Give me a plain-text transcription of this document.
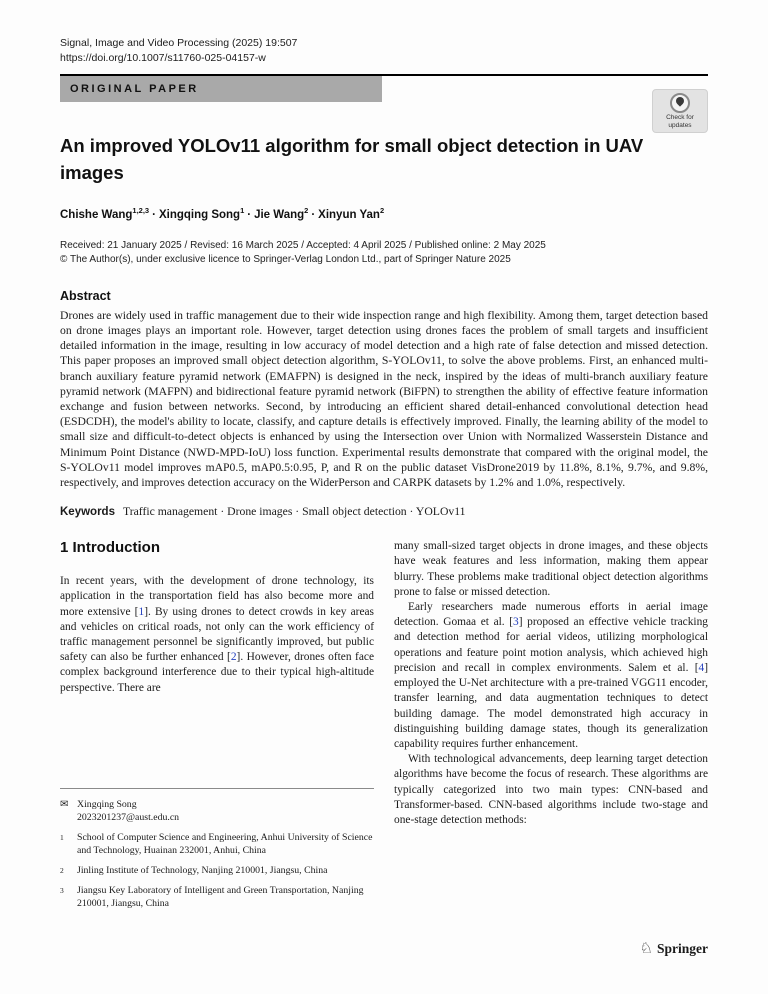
Signal, Image and Video Processing (2025) 19:507
https://doi.org/10.1007/s11760-025-04157-w
ORIGINAL PAPER
Check for
updates
An improved YOLOv11 algorithm for small object detection in UAV images
Chishe Wang$^{1,2,3}$ · Xingqing Song$^1$ · Jie Wang$^2$ · Xinyun Yan$^2$
Received: 21 January 2025 / Revised: 16 March 2025 / Accepted: 4 April 2025 / Published online: 2 May 2025
© The Author(s), under exclusive licence to Springer-Verlag London Ltd., part of Springer Nature 2025
Abstract
Drones are widely used in traffic management due to their wide inspection range and high flexibility. Among them, target detection based on drone images plays an important role. However, target detection using drones faces the problem of small targets and insufficient detailed information in the image, resulting in low accuracy of model detection and a high rate of false detection and missed detection. This paper proposes an improved small object detection algorithm, S-YOLOv11, to solve the above problems. First, an enhanced multi-branch auxiliary feature pyramid network (EMAFPN) is designed in the neck, inspired by the ideas of multi-branch auxiliary feature pyramid network (MAFPN) and bidirectional feature pyramid network (BiFPN) to strengthen the ability of effective feature information exchange and fusion between networks. Second, by introducing an efficient shared detail-enhanced convolutional detection head (ESDCDH), the model's ability to locate, classify, and capture details is effectively improved. Finally, the learning ability of the model to small size and difficult-to-detect objects is enhanced by using the Intersection over Union with Normalized Wasserstein Distance and Minimum Point Distance (NWD-MPD-IoU) loss function. Experimental results demonstrate that compared with the original model, the S-YOLOv11 model improves mAP0.5, mAP0.5:0.95, P, and R on the public dataset VisDrone2019 by 11.8%, 8.1%, 9.7%, and 9.8%, respectively, and improves detection accuracy on the WiderPerson and CARPK datasets by 1.2% and 1.0%, respectively.
Keywords Traffic management · Drone images · Small object detection · YOLOv11
1 Introduction

In recent years, with the development of drone technology, its application in the transportation field has also become more and more extensive [1]. By using drones to detect crowds in key areas and vehicles on critical roads, not only can the work efficiency of traffic management personnel be significantly improved, but public safety can also be further enhanced [2]. However, drones often face complex background interference due to their typical high-altitude perspective. There are

✉ Xingqing Song
2023201237@aust.edu.cn
1	School of Computer Science and Engineering, Anhui University of Science and Technology, Huainan 232001, Anhui, China
2	Jinling Institute of Technology, Nanjing 210001, Jiangsu, China
3	Jiangsu Key Laboratory of Intelligent and Green Transportation, Nanjing 210001, Jiangsu, China

many small-sized target objects in drone images, and these objects have weak features and less information, making them appear blurry. These problems make traditional object detection algorithms prone to false or missed detection.

Early researchers made numerous efforts in aerial image detection. Gomaa et al. [3] proposed an effective vehicle tracking and detection method for aerial videos, utilizing morphological operations and feature point motion analysis, which achieved high precision and recall in complex environments. Salem et al. [4] employed the U-Net architecture with a pre-trained VGG11 encoder, transfer learning, and data augmentation techniques to detect building damage. The model demonstrated high accuracy in distinguishing building damage states, though its generalization capability requires further enhancement.

With technological advancements, deep learning target detection algorithms have become the focus of research. These algorithms are typically categorized into two main types: CNN-based and Transformer-based. CNN-based algorithms include two-stage and one-stage detection methods:

♘ Springer
